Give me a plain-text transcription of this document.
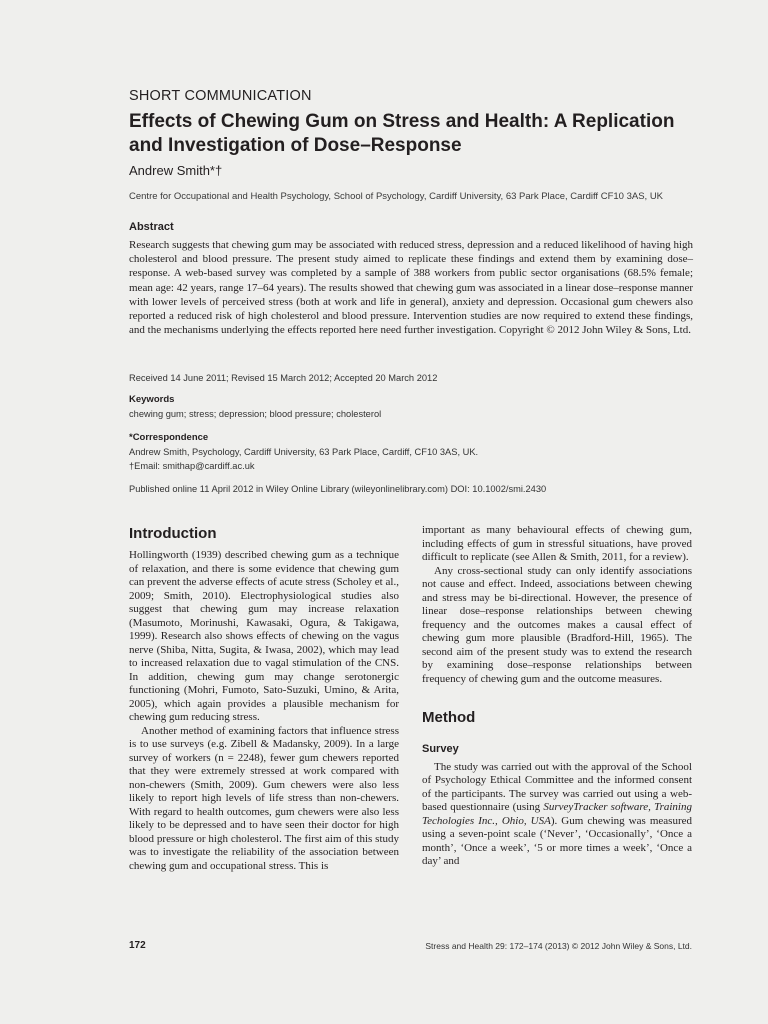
SHORT COMMUNICATION
Effects of Chewing Gum on Stress and Health: A Replication and Investigation of Dose–Response
Andrew Smith*†
Centre for Occupational and Health Psychology, School of Psychology, Cardiff University, 63 Park Place, Cardiff CF10 3AS, UK
Abstract
Research suggests that chewing gum may be associated with reduced stress, depression and a reduced likelihood of having high cholesterol and blood pressure. The present study aimed to replicate these findings and extend them by examining dose–response. A web-based survey was completed by a sample of 388 workers from public sector organisations (68.5% female; mean age: 42 years, range 17–64 years). The results showed that chewing gum was associated in a linear dose–response manner with lower levels of perceived stress (both at work and life in general), anxiety and depression. Occasional gum chewers also reported a reduced risk of high cholesterol and blood pressure. Intervention studies are now required to extend these findings, and the mechanisms underlying the effects reported here need further investigation. Copyright © 2012 John Wiley & Sons, Ltd.
Received 14 June 2011; Revised 15 March 2012; Accepted 20 March 2012
Keywords
chewing gum; stress; depression; blood pressure; cholesterol
*Correspondence
Andrew Smith, Psychology, Cardiff University, 63 Park Place, Cardiff, CF10 3AS, UK.
†Email: smithap@cardiff.ac.uk
Published online 11 April 2012 in Wiley Online Library (wileyonlinelibrary.com) DOI: 10.1002/smi.2430
Introduction

Hollingworth (1939) described chewing gum as a technique of relaxation, and there is some evidence that chewing gum can prevent the adverse effects of acute stress (Scholey et al., 2009; Smith, 2010). Electrophysiological studies also suggest that chewing gum may increase relaxation (Masumoto, Morinushi, Kawasaki, Ogura, & Takigawa, 1999). Research also shows effects of chewing on the vagus nerve (Shiba, Nitta, Sugita, & Iwasa, 2002), which may lead to increased relaxation due to vagal stimulation of the CNS. In addition, chewing gum may change serotonergic functioning (Mohri, Fumoto, Sato-Suzuki, Umino, & Arita, 2005), which again provides a plausible mechanism for chewing gum reducing stress.

Another method of examining factors that influence stress is to use surveys (e.g. Zibell & Madansky, 2009). In a large survey of workers (n = 2248), fewer gum chewers reported that they were extremely stressed at work compared with non-chewers (Smith, 2009). Gum chewers were also less likely to report high levels of life stress than non-chewers. With regard to health outcomes, gum chewers were also less likely to be depressed and to have seen their doctor for high blood pressure or high cholesterol. The first aim of this study was to investigate the reliability of the association between chewing gum and occupational stress. This is

important as many behavioural effects of chewing gum, including effects of gum in stressful situations, have proved difficult to replicate (see Allen & Smith, 2011, for a review).

Any cross-sectional study can only identify associations not cause and effect. Indeed, associations between chewing and stress may be bi-directional. However, the presence of linear dose–response relationships between chewing frequency and the outcomes makes a causal effect of chewing gum more plausible (Bradford-Hill, 1965). The second aim of the present study was to extend the research by examining dose–response relationships between frequency of chewing gum and the outcome measures.

Method
Survey

The study was carried out with the approval of the School of Psychology Ethical Committee and the informed consent of the participants. The survey was carried out using a web-based questionnaire (using SurveyTracker software, Training Techologies Inc., Ohio, USA). Gum chewing was measured using a seven-point scale (‘Never’, ‘Occasionally’, ‘Once a month’, ‘Once a week’, ‘5 or more times a week’, ‘Once a day’ and

172	Stress and Health 29: 172–174 (2013) © 2012 John Wiley & Sons, Ltd.
